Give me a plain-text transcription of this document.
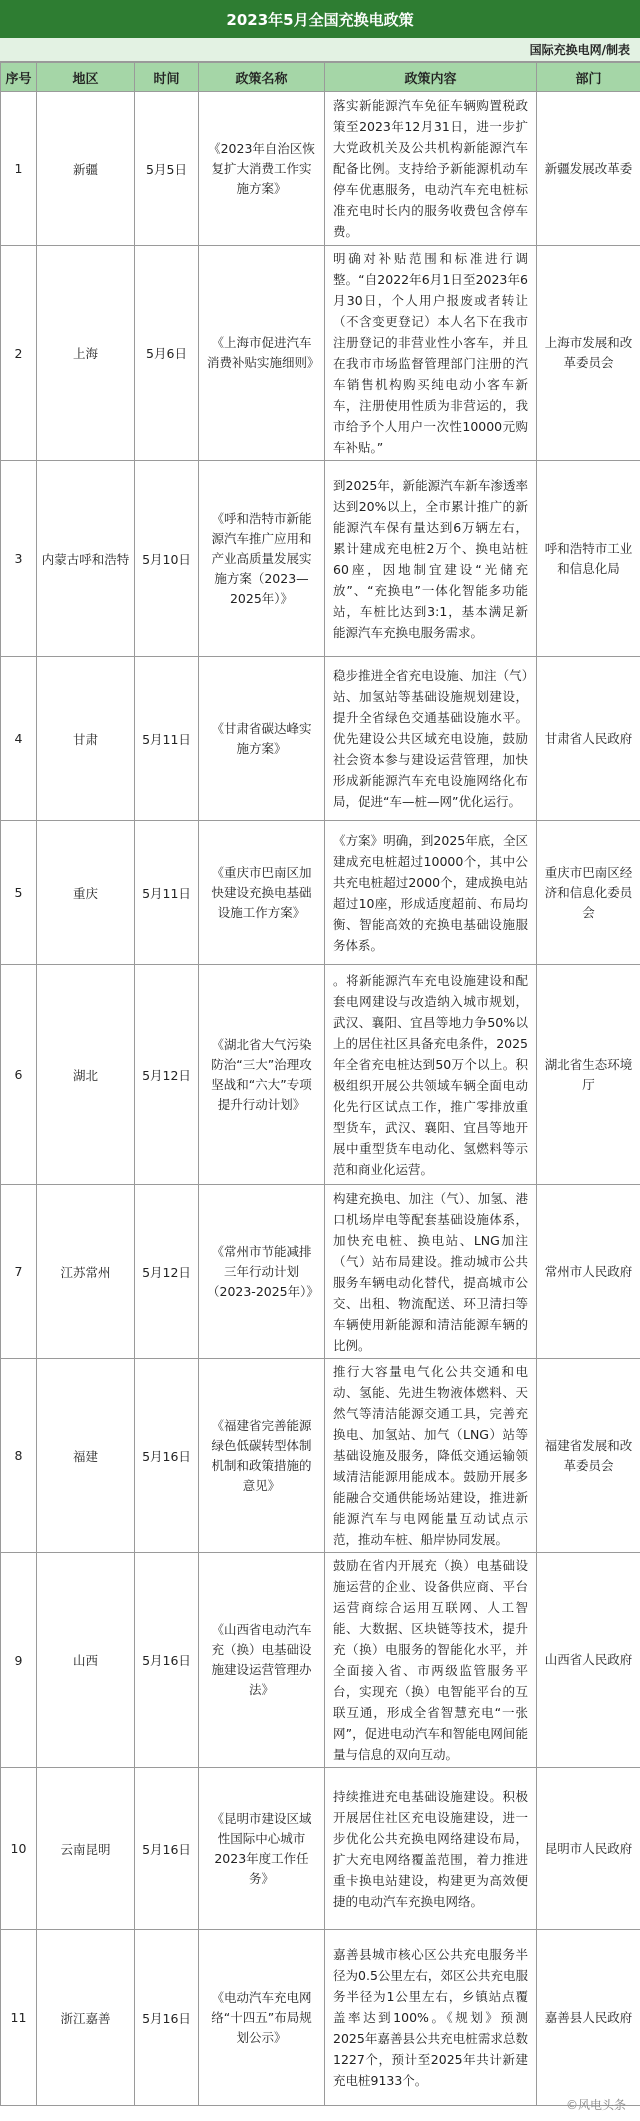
2023年5月全国充换电政策
国际充换电网/制表
序号	地区	时间	政策名称	政策内容	部门
1	新疆	5月5日	《2023年自治区恢复扩大消费工作实施方案》	落实新能源汽车免征车辆购置税政策至2023年12月31日，进一步扩大党政机关及公共机构新能源汽车配备比例。支持给予新能源机动车停车优惠服务，电动汽车充电桩标准充电时长内的服务收费包含停车费。	新疆发展改革委
2	上海	5月6日	《上海市促进汽车消费补贴实施细则》	明确对补贴范围和标准进行调整。“自2022年6月1日至2023年6月30日，个人用户报废或者转让（不含变更登记）本人名下在我市注册登记的非营业性小客车，并且在我市市场监督管理部门注册的汽车销售机构购买纯电动小客车新车，注册使用性质为非营运的，我市给予个人用户一次性10000元购车补贴。”	上海市发展和改革委员会
3	内蒙古呼和浩特	5月10日	《呼和浩特市新能源汽车推广应用和产业高质量发展实施方案（2023—2025年）》	到2025年，新能源汽车新车渗透率达到20%以上，全市累计推广的新能源汽车保有量达到6万辆左右，累计建成充电桩2万个、换电站桩60座，因地制宜建设“光储充放”、“充换电”一体化智能多功能站，车桩比达到3:1，基本满足新能源汽车充换电服务需求。	呼和浩特市工业和信息化局
4	甘肃	5月11日	《甘肃省碳达峰实施方案》	稳步推进全省充电设施、加注（气）站、加氢站等基础设施规划建设，提升全省绿色交通基础设施水平。优先建设公共区域充电设施，鼓励社会资本参与建设运营管理，加快形成新能源汽车充电设施网络化布局，促进“车—桩—网”优化运行。	甘肃省人民政府
5	重庆	5月11日	《重庆市巴南区加快建设充换电基础设施工作方案》	《方案》明确，到2025年底，全区建成充电桩超过10000个，其中公共充电桩超过2000个，建成换电站超过10座，形成适度超前、布局均衡、智能高效的充换电基础设施服务体系。	重庆市巴南区经济和信息化委员会
6	湖北	5月12日	《湖北省大气污染防治“三大”治理攻坚战和“六大”专项提升行动计划》	。将新能源汽车充电设施建设和配套电网建设与改造纳入城市规划，武汉、襄阳、宜昌等地力争50%以上的居住社区具备充电条件，2025年全省充电桩达到50万个以上。积极组织开展公共领域车辆全面电动化先行区试点工作，推广零排放重型货车，武汉、襄阳、宜昌等地开展中重型货车电动化、氢燃料等示范和商业化运营。	湖北省生态环境厅
7	江苏常州	5月12日	《常州市节能减排三年行动计划（2023-2025年）》	构建充换电、加注（气）、加氢、港口机场岸电等配套基础设施体系，加快充电桩、换电站、LNG加注（气）站布局建设。推动城市公共服务车辆电动化替代，提高城市公交、出租、物流配送、环卫清扫等车辆使用新能源和清洁能源车辆的比例。	常州市人民政府
8	福建	5月16日	《福建省完善能源绿色低碳转型体制机制和政策措施的意见》	推行大容量电气化公共交通和电动、氢能、先进生物液体燃料、天然气等清洁能源交通工具，完善充换电、加氢站、加气（LNG）站等基础设施及服务，降低交通运输领域清洁能源用能成本。鼓励开展多能融合交通供能场站建设，推进新能源汽车与电网能量互动试点示范，推动车桩、船岸协同发展。	福建省发展和改革委员会
9	山西	5月16日	《山西省电动汽车充（换）电基础设施建设运营管理办法》	鼓励在省内开展充（换）电基础设施运营的企业、设备供应商、平台运营商综合运用互联网、人工智能、大数据、区块链等技术，提升充（换）电服务的智能化水平，并全面接入省、市两级监管服务平台，实现充（换）电智能平台的互联互通，形成全省智慧充电“一张网”，促进电动汽车和智能电网间能量与信息的双向互动。	山西省人民政府
10	云南昆明	5月16日	《昆明市建设区域性国际中心城市2023年度工作任务》	持续推进充电基础设施建设。积极开展居住社区充电设施建设，进一步优化公共充换电网络建设布局，扩大充电网络覆盖范围，着力推进重卡换电站建设，构建更为高效便捷的电动汽车充换电网络。	昆明市人民政府
11	浙江嘉善	5月16日	《电动汽车充电网络“十四五”布局规划公示》	嘉善县城市核心区公共充电服务半径为0.5公里左右，郊区公共充电服务半径为1公里左右，乡镇站点覆盖率达到100%。《规划》预测2025年嘉善县公共充电桩需求总数1227个，预计至2025年共计新建充电桩9133个。	嘉善县人民政府
©风电头条
